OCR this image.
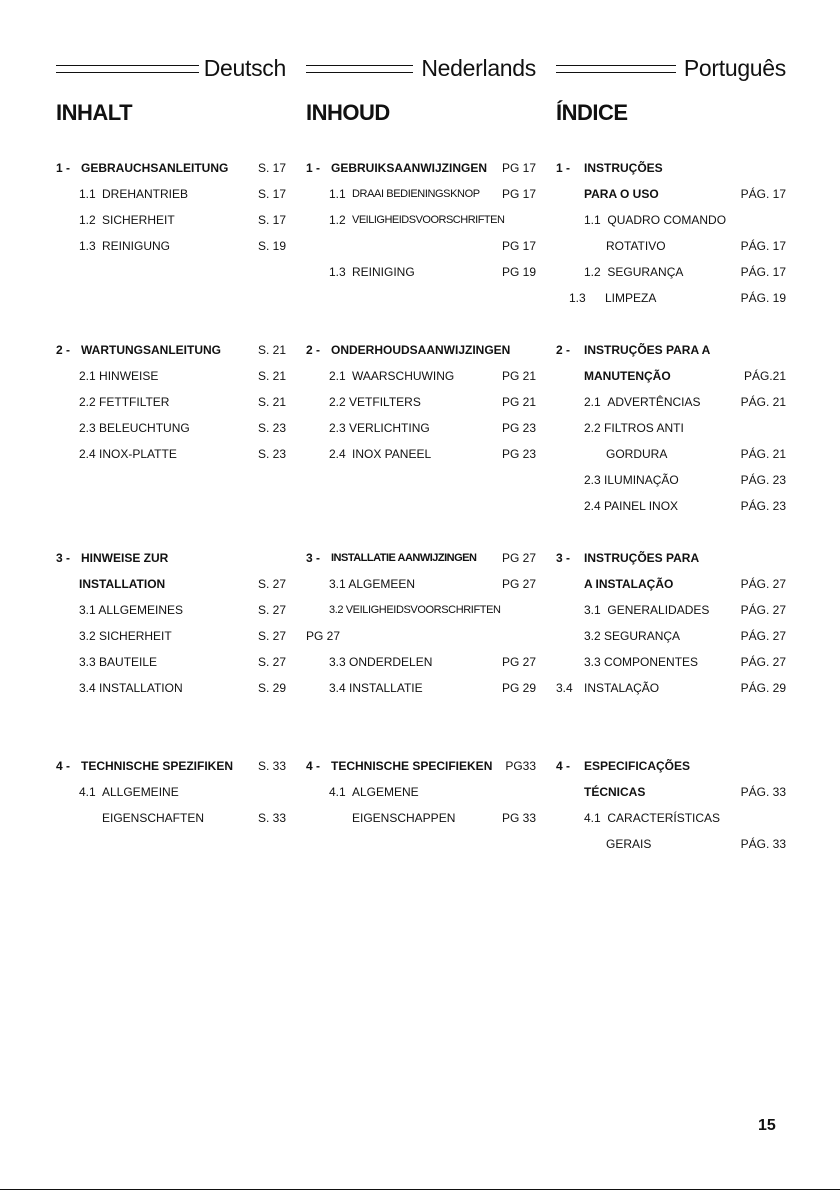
Deutsch
INHALT
1 - GEBRAUCHSANLEITUNG S. 17
1.1 DREHANTRIEB	S. 17
1.2 SICHERHEIT	S. 17
1.3 REINIGUNG	S. 19
2 - WARTUNGSANLEITUNG	S. 21
2.1 HINWEISE	S. 21
2.2 FETTFILTER	S. 21
2.3 BELEUCHTUNG	S. 23
2.4 INOX-PLATTE	S. 23
3 - HINWEISE ZUR
INSTALLATION	S. 27
3.1 ALLGEMEINES	S. 27
3.2 SICHERHEIT	S. 27
3.3 BAUTEILE	S. 27
3.4 INSTALLATION	S. 29
4 - TECHNISCHE SPEZIFIKEN S. 33
4.1 ALLGEMEINE
EIGENSCHAFTEN	S. 33
Nederlands
INHOUD
1 - GEBRUIKSAANWIJZINGEN PG 17
1.1 DRAAI BEDIENINGSKNOP PG 17
1.2 VEILIGHEIDSVOORSCHRIFTEN
PG 17
1.3 REINIGING	PG 19
2 - ONDERHOUDSAANWIJZINGEN
2.1 WAARSCHUWING	PG 21
2.2 VETFILTERS	PG 21
2.3 VERLICHTING	PG 23
2.4 INOX PANEEL	PG 23
3 - INSTALLATIE AANWIJZINGEN PG 27
3.1 ALGEMEEN	PG 27
3.2 VEILIGHEIDSVOORSCHRIFTEN
PG 27
3.3 ONDERDELEN	PG 27
3.4 INSTALLATIE	PG 29
4 - TECHNISCHE SPECIFIEKEN PG33
4.1 ALGEMENE
EIGENSCHAPPEN	PG 33
Português
ÍNDICE
1 - INSTRUÇÕES
PARA O USO	PÁG. 17
1.1 QUADRO COMANDO
ROTATIVO	PÁG. 17
1.2 SEGURANÇA	PÁG. 17
1.3 LIMPEZA	PÁG. 19
2 - INSTRUÇÕES PARA A
MANUTENÇÃO	PÁG.21
2.1 ADVERTÊNCIAS	PÁG. 21
2.2 FILTROS ANTI
GORDURA	PÁG. 21
2.3 ILUMINAÇÃO	PÁG. 23
2.4 PAINEL INOX	PÁG. 23
3 - INSTRUÇÕES PARA
A INSTALAÇÃO	PÁG. 27
3.1 GENERALIDADES	PÁG. 27
3.2 SEGURANÇA	PÁG. 27
3.3 COMPONENTES	PÁG. 27
3.4 INSTALAÇÃO	PÁG. 29
4 - ESPECIFICAÇÕES
TÉCNICAS	PÁG. 33
4.1 CARACTERÍSTICAS
GERAIS	PÁG. 33
15
